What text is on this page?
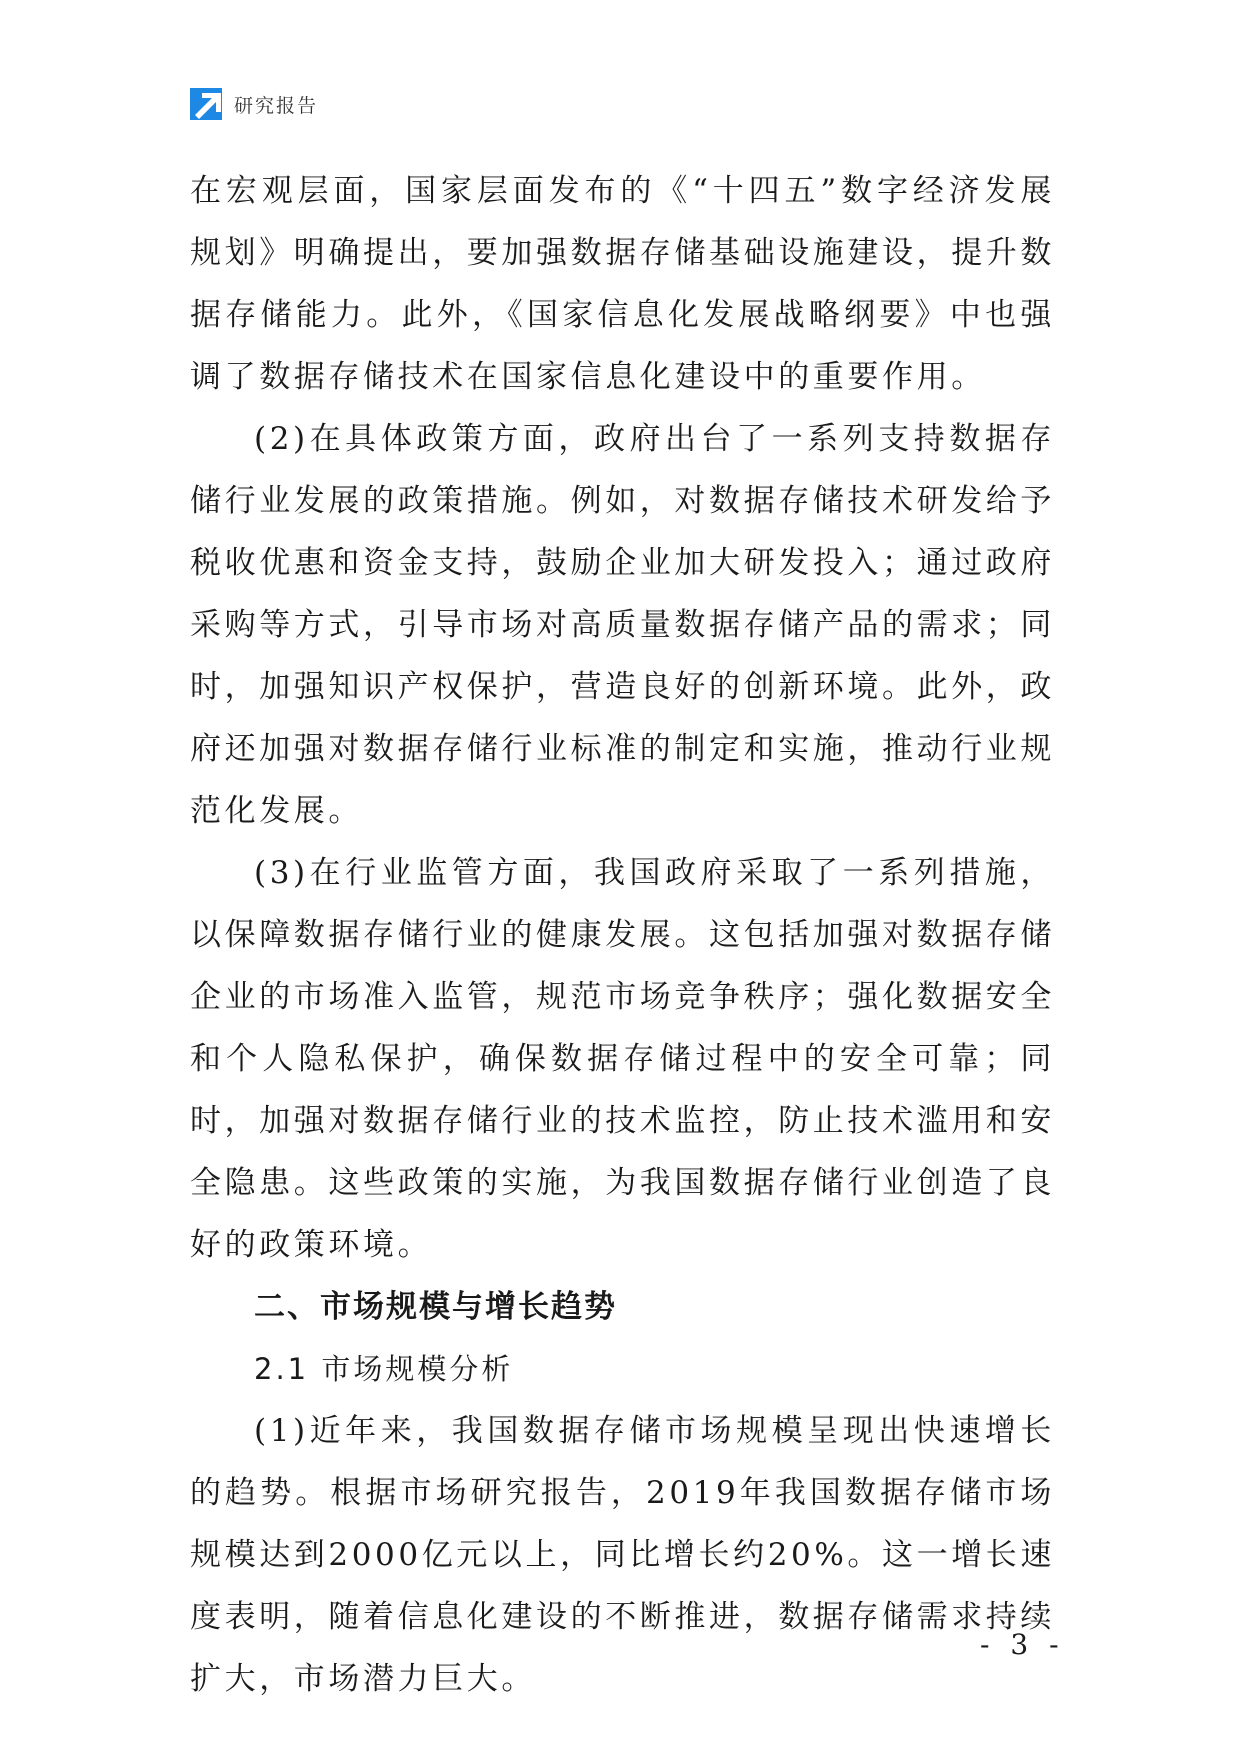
研究报告

在宏观层面，国家层面发布的《“十四五”数字经济发展规划》明确提出，要加强数据存储基础设施建设，提升数据存储能力。此外，《国家信息化发展战略纲要》中也强调了数据存储技术在国家信息化建设中的重要作用。

(2)在具体政策方面，政府出台了一系列支持数据存储行业发展的政策措施。例如，对数据存储技术研发给予税收优惠和资金支持，鼓励企业加大研发投入；通过政府采购等方式，引导市场对高质量数据存储产品的需求；同时，加强知识产权保护，营造良好的创新环境。此外，政府还加强对数据存储行业标准的制定和实施，推动行业规范化发展。

(3)在行业监管方面，我国政府采取了一系列措施，以保障数据存储行业的健康发展。这包括加强对数据存储企业的市场准入监管，规范市场竞争秩序；强化数据安全和个人隐私保护，确保数据存储过程中的安全可靠；同时，加强对数据存储行业的技术监控，防止技术滥用和安全隐患。这些政策的实施，为我国数据存储行业创造了良好的政策环境。

二、市场规模与增长趋势
2.1 市场规模分析

(1)近年来，我国数据存储市场规模呈现出快速增长的趋势。根据市场研究报告，2019年我国数据存储市场规模达到2000亿元以上，同比增长约20%。这一增长速度表明，随着信息化建设的不断推进，数据存储需求持续扩大，市场潜力巨大。

- 3 -
